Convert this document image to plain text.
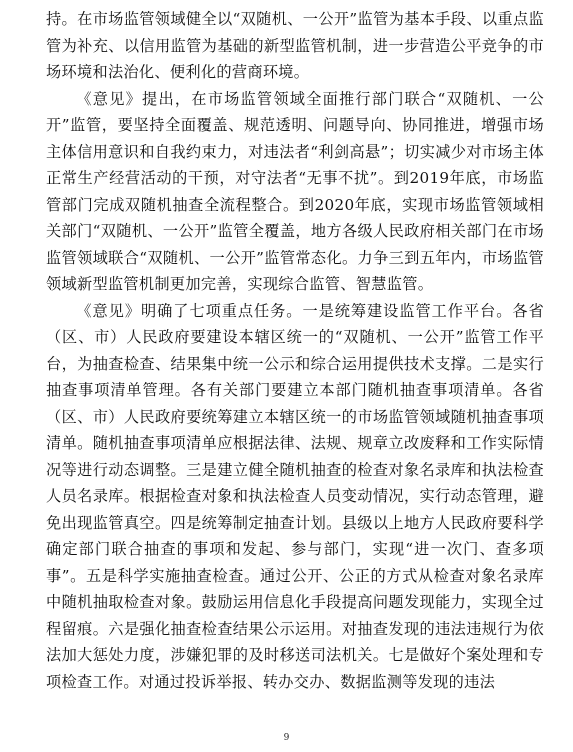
持。在市场监管领域健全以“双随机、一公开”监管为基本手段、以重点监管为补充、以信用监管为基础的新型监管机制，进一步营造公平竞争的市场环境和法治化、便利化的营商环境。

《意见》提出，在市场监管领域全面推行部门联合“双随机、一公开”监管，要坚持全面覆盖、规范透明、问题导向、协同推进，增强市场主体信用意识和自我约束力，对违法者“利剑高悬”；切实减少对市场主体正常生产经营活动的干预，对守法者“无事不扰”。到2019年底，市场监管部门完成双随机抽查全流程整合。到2020年底，实现市场监管领域相关部门“双随机、一公开”监管全覆盖，地方各级人民政府相关部门在市场监管领域联合“双随机、一公开”监管常态化。力争三到五年内，市场监管领域新型监管机制更加完善，实现综合监管、智慧监管。

《意见》明确了七项重点任务。一是统筹建设监管工作平台。各省（区、市）人民政府要建设本辖区统一的“双随机、一公开”监管工作平台，为抽查检查、结果集中统一公示和综合运用提供技术支撑。二是实行抽查事项清单管理。各有关部门要建立本部门随机抽查事项清单。各省（区、市）人民政府要统筹建立本辖区统一的市场监管领域随机抽查事项清单。随机抽查事项清单应根据法律、法规、规章立改废释和工作实际情况等进行动态调整。三是建立健全随机抽查的检查对象名录库和执法检查人员名录库。根据检查对象和执法检查人员变动情况，实行动态管理，避免出现监管真空。四是统筹制定抽查计划。县级以上地方人民政府要科学确定部门联合抽查的事项和发起、参与部门，实现“进一次门、查多项事”。五是科学实施抽查检查。通过公开、公正的方式从检查对象名录库中随机抽取检查对象。鼓励运用信息化手段提高问题发现能力，实现全过程留痕。六是强化抽查检查结果公示运用。对抽查发现的违法违规行为依法加大惩处力度，涉嫌犯罪的及时移送司法机关。七是做好个案处理和专项检查工作。对通过投诉举报、转办交办、数据监测等发现的违法

9
